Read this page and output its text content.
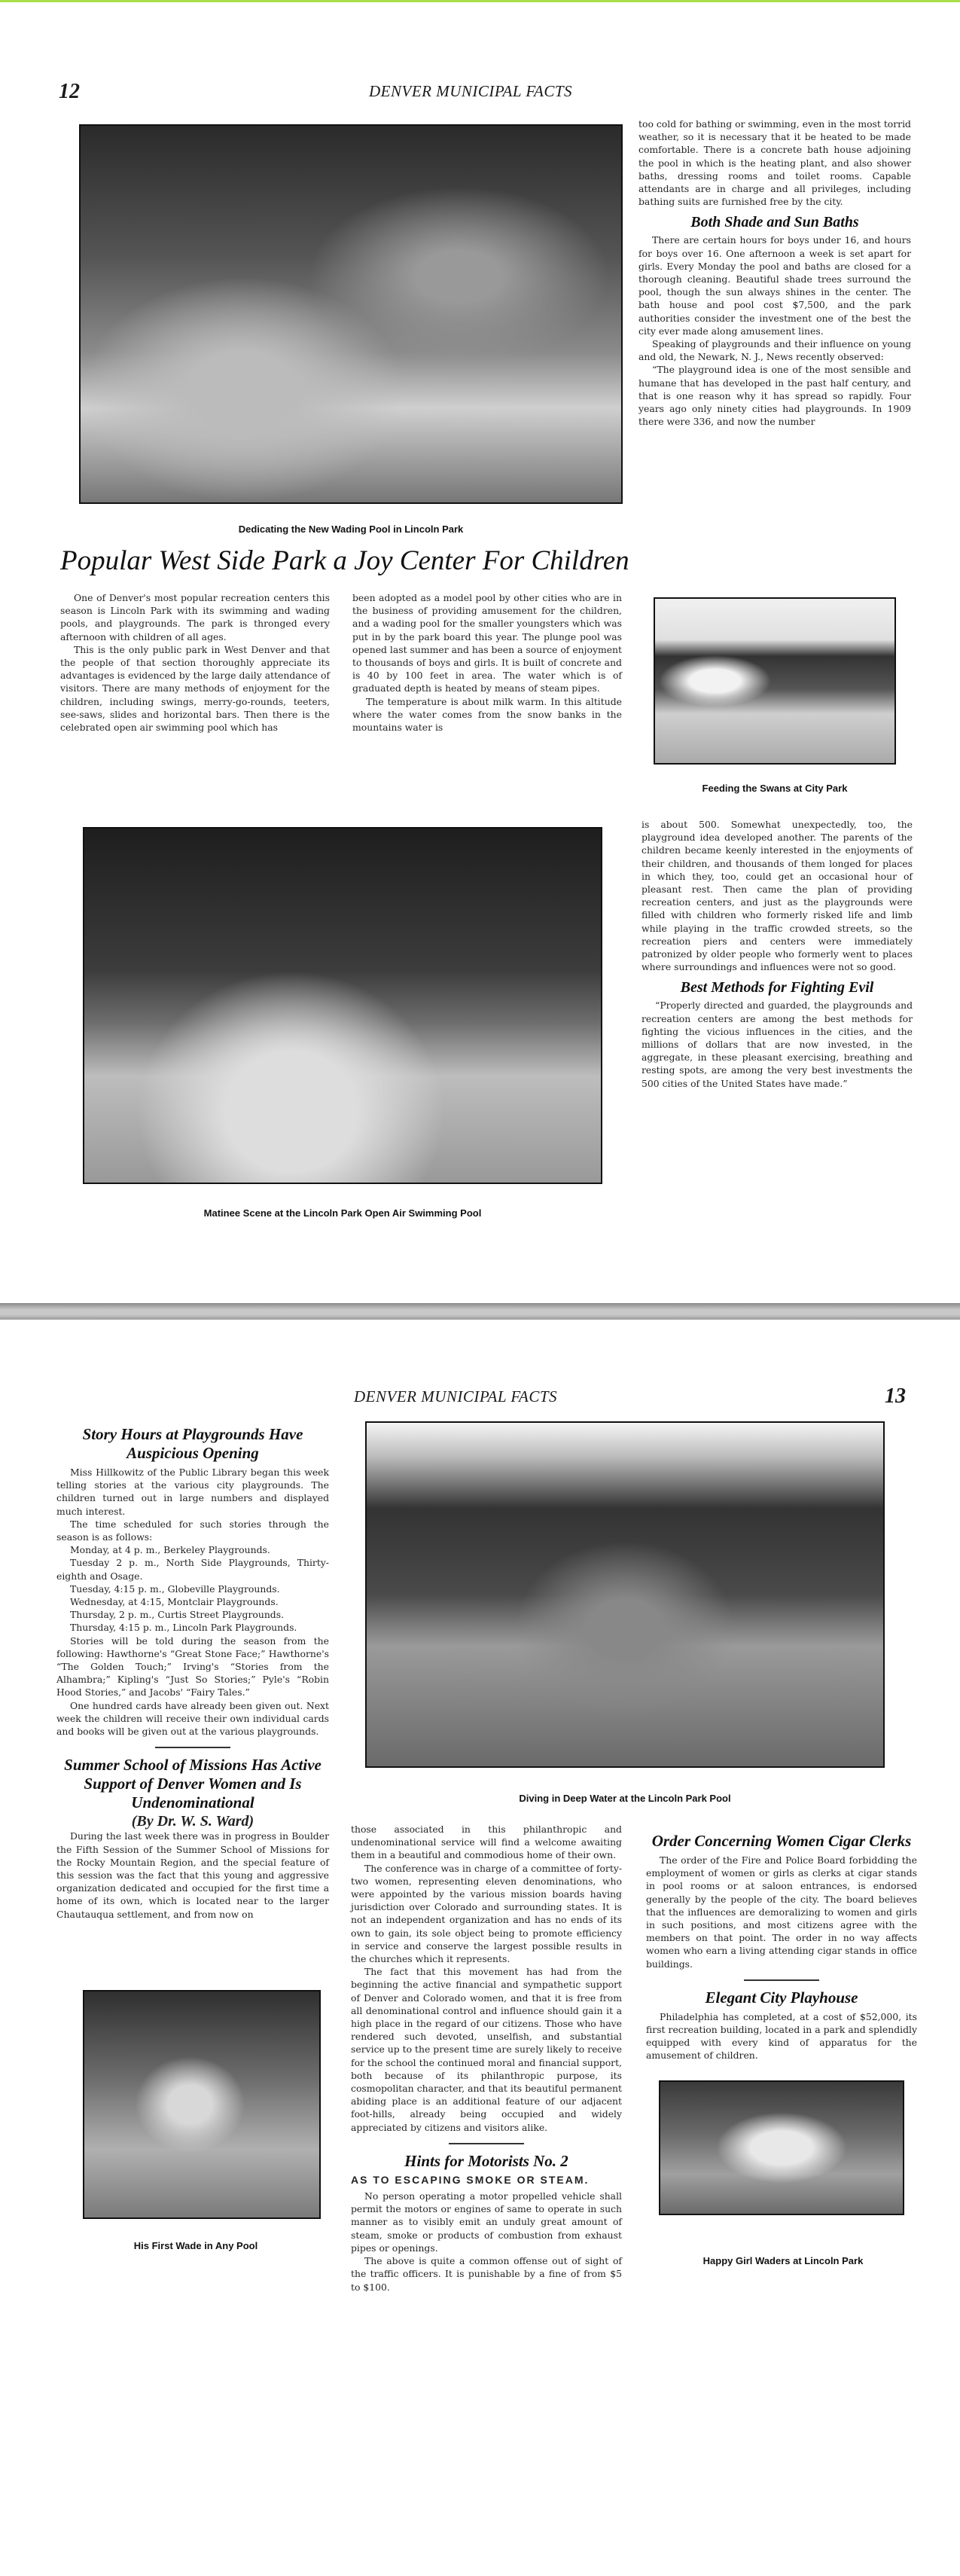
12	DENVER MUNICIPAL FACTS
Dedicating the New Wading Pool in Lincoln Park
Popular West Side Park a Joy Center For Children

One of Denver's most popular recreation centers this season is Lincoln Park with its swimming and wading pools, and playgrounds. The park is thronged every afternoon with children of all ages.

This is the only public park in West Denver and that the people of that section thoroughly appreciate its advantages is evidenced by the large daily attendance of visitors. There are many methods of enjoyment for the children, including swings, merry-go-rounds, teeters, see-saws, slides and horizontal bars. Then there is the celebrated open air swimming pool which has

been adopted as a model pool by other cities who are in the business of providing amusement for the children, and a wading pool for the smaller youngsters which was put in by the park board this year. The plunge pool was opened last summer and has been a source of enjoyment to thousands of boys and girls. It is built of concrete and is 40 by 100 feet in area. The water which is of graduated depth is heated by means of steam pipes.

The temperature is about milk warm. In this altitude where the water comes from the snow banks in the mountains water is

Matinee Scene at the Lincoln Park Open Air Swimming Pool

too cold for bathing or swimming, even in the most torrid weather, so it is necessary that it be heated to be made comfortable. There is a concrete bath house adjoining the pool in which is the heating plant, and also shower baths, dressing rooms and toilet rooms. Capable attendants are in charge and all privileges, including bathing suits are furnished free by the city.

Both Shade and Sun Baths

There are certain hours for boys under 16, and hours for boys over 16. One afternoon a week is set apart for girls. Every Monday the pool and baths are closed for a thorough cleaning. Beautiful shade trees surround the pool, though the sun always shines in the center. The bath house and pool cost $7,500, and the park authorities consider the investment one of the best the city ever made along amusement lines.

Speaking of playgrounds and their influence on young and old, the Newark, N. J., News recently observed:

“The playground idea is one of the most sensible and humane that has developed in the past half century, and that is one reason why it has spread so rapidly. Four years ago only ninety cities had playgrounds. In 1909 there were 336, and now the number

Feeding the Swans at City Park

is about 500. Somewhat unexpectedly, too, the playground idea developed another. The parents of the children became keenly interested in the enjoyments of their children, and thousands of them longed for places in which they, too, could get an occasional hour of pleasant rest. Then came the plan of providing recreation centers, and just as the playgrounds were filled with children who formerly risked life and limb while playing in the traffic crowded streets, so the recreation piers and centers were immediately patronized by older people who formerly went to places where surroundings and influences were not so good.

Best Methods for Fighting Evil

“Properly directed and guarded, the playgrounds and recreation centers are among the best methods for fighting the vicious influences in the cities, and the millions of dollars that are now invested, in the aggregate, in these pleasant exercising, breathing and resting spots, are among the very best investments the 500 cities of the United States have made.”

DENVER MUNICIPAL FACTS	13
Story Hours at Playgrounds Have Auspicious Opening

Miss Hillkowitz of the Public Library began this week telling stories at the various city playgrounds. The children turned out in large numbers and displayed much interest.

The time scheduled for such stories through the season is as follows:

Monday, at 4 p. m., Berkeley Playgrounds.

Tuesday 2 p. m., North Side Playgrounds, Thirty-eighth and Osage.

Tuesday, 4:15 p. m., Globeville Playgrounds.

Wednesday, at 4:15, Montclair Playgrounds.

Thursday, 2 p. m., Curtis Street Playgrounds.

Thursday, 4:15 p. m., Lincoln Park Playgrounds.

Stories will be told during the season from the following: Hawthorne's “Great Stone Face;” Hawthorne's “The Golden Touch;” Irving's “Stories from the Alhambra;” Kipling's “Just So Stories;” Pyle's “Robin Hood Stories,” and Jacobs' “Fairy Tales.”

One hundred cards have already been given out. Next week the children will receive their own individual cards and books will be given out at the various playgrounds.

Summer School of Missions Has Active Support of Denver Women and Is Undenominational
(By Dr. W. S. Ward)

During the last week there was in progress in Boulder the Fifth Session of the Summer School of Missions for the Rocky Mountain Region, and the special feature of this session was the fact that this young and aggressive organization dedicated and occupied for the first time a home of its own, which is located near to the larger Chautauqua settlement, and from now on

His First Wade in Any Pool
Diving in Deep Water at the Lincoln Park Pool

those associated in this philanthropic and undenominational service will find a welcome awaiting them in a beautiful and commodious home of their own.

The conference was in charge of a committee of forty-two women, representing eleven denominations, who were appointed by the various mission boards having jurisdiction over Colorado and surrounding states. It is not an independent organization and has no ends of its own to gain, its sole object being to promote efficiency in service and conserve the largest possible results in the churches which it represents.

The fact that this movement has had from the beginning the active financial and sympathetic support of Denver and Colorado women, and that it is free from all denominational control and influence should gain it a high place in the regard of our citizens. Those who have rendered such devoted, unselfish, and substantial service up to the present time are surely likely to receive for the school the continued moral and financial support, both because of its philanthropic purpose, its cosmopolitan character, and that its beautiful permanent abiding place is an additional feature of our adjacent foot-hills, already being occupied and widely appreciated by citizens and visitors alike.

Hints for Motorists No. 2
AS TO ESCAPING SMOKE OR STEAM.

No person operating a motor propelled vehicle shall permit the motors or engines of same to operate in such manner as to visibly emit an unduly great amount of steam, smoke or products of combustion from exhaust pipes or openings.

The above is quite a common offense out of sight of the traffic officers. It is punishable by a fine of from $5 to $100.

Order Concerning Women Cigar Clerks

The order of the Fire and Police Board forbidding the employment of women or girls as clerks at cigar stands in pool rooms or at saloon entrances, is endorsed generally by the people of the city. The board believes that the influences are demoralizing to women and girls in such positions, and most citizens agree with the members on that point. The order in no way affects women who earn a living attending cigar stands in office buildings.

Elegant City Playhouse

Philadelphia has completed, at a cost of $52,000, its first recreation building, located in a park and splendidly equipped with every kind of apparatus for the amusement of children.

Happy Girl Waders at Lincoln Park
